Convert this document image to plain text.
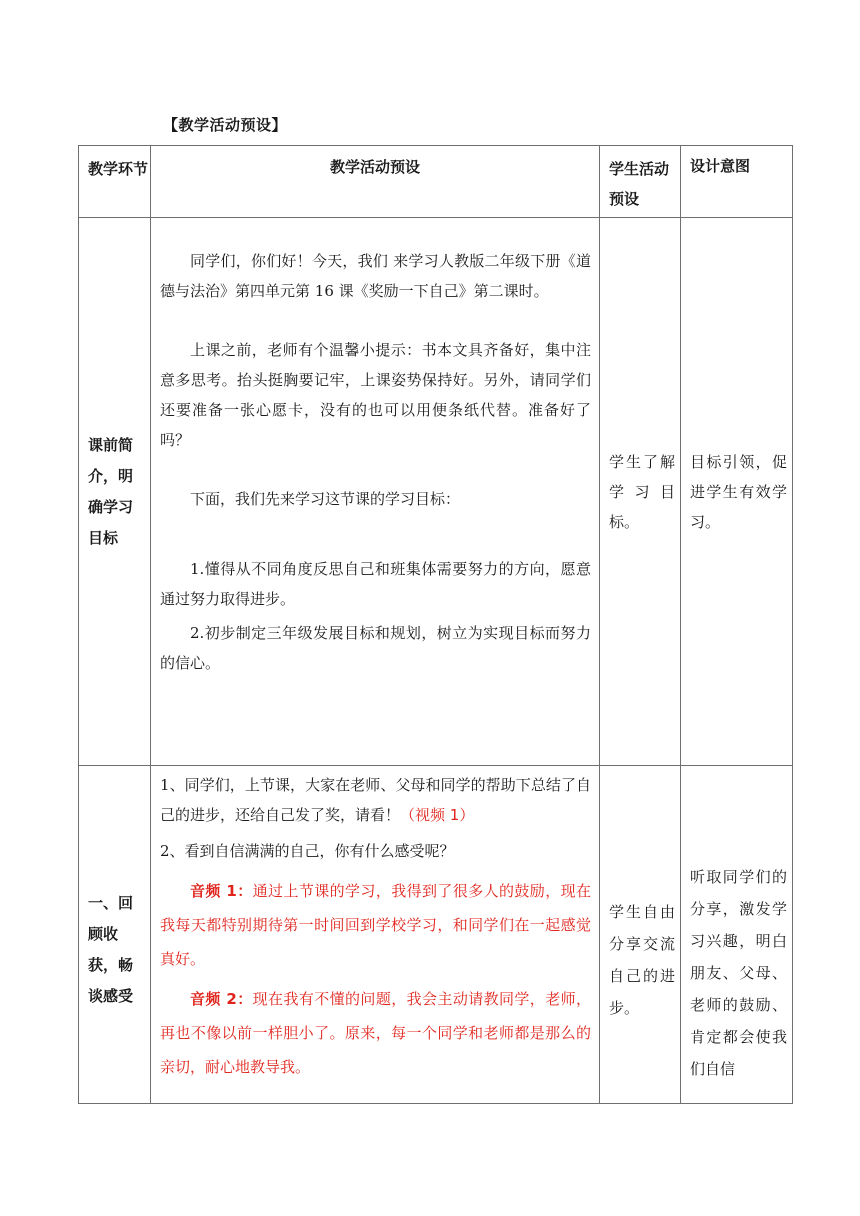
【教学活动预设】
教学环节	教学活动预设	学生活动预设	设计意图
课前简介，明确学习目标	同学们，你们好！今天，我们 来学习人教版二年级下册《道德与法治》第四单元第 16 课《奖励一下自己》第二课时。

上课之前，老师有个温馨小提示：书本文具齐备好，集中注意多思考。抬头挺胸要记牢，上课姿势保持好。另外，请同学们还要准备一张心愿卡，没有的也可以用便条纸代替。准备好了吗？

下面，我们先来学习这节课的学习目标：

1.懂得从不同角度反思自己和班集体需要努力的方向，愿意通过努力取得进步。

2.初步制定三年级发展目标和规划，树立为实现目标而努力的信心。	学生了解学习目标。	目标引领，促进学生有效学习。
一、回顾收获，畅谈感受	1、同学们，上节课，大家在老师、父母和同学的帮助下总结了自己的进步，还给自己发了奖，请看！（视频 1）

2、看到自信满满的自己，你有什么感受呢？

音频 1：通过上节课的学习，我得到了很多人的鼓励，现在我每天都特别期待第一时间回到学校学习，和同学们在一起感觉真好。

音频 2：现在我有不懂的问题，我会主动请教同学，老师，再也不像以前一样胆小了。原来，每一个同学和老师都是那么的亲切，耐心地教导我。	学生自由分享交流自己的进步。	听取同学们的分享，激发学习兴趣，明白朋友、父母、老师的鼓励、肯定都会使我们自信
